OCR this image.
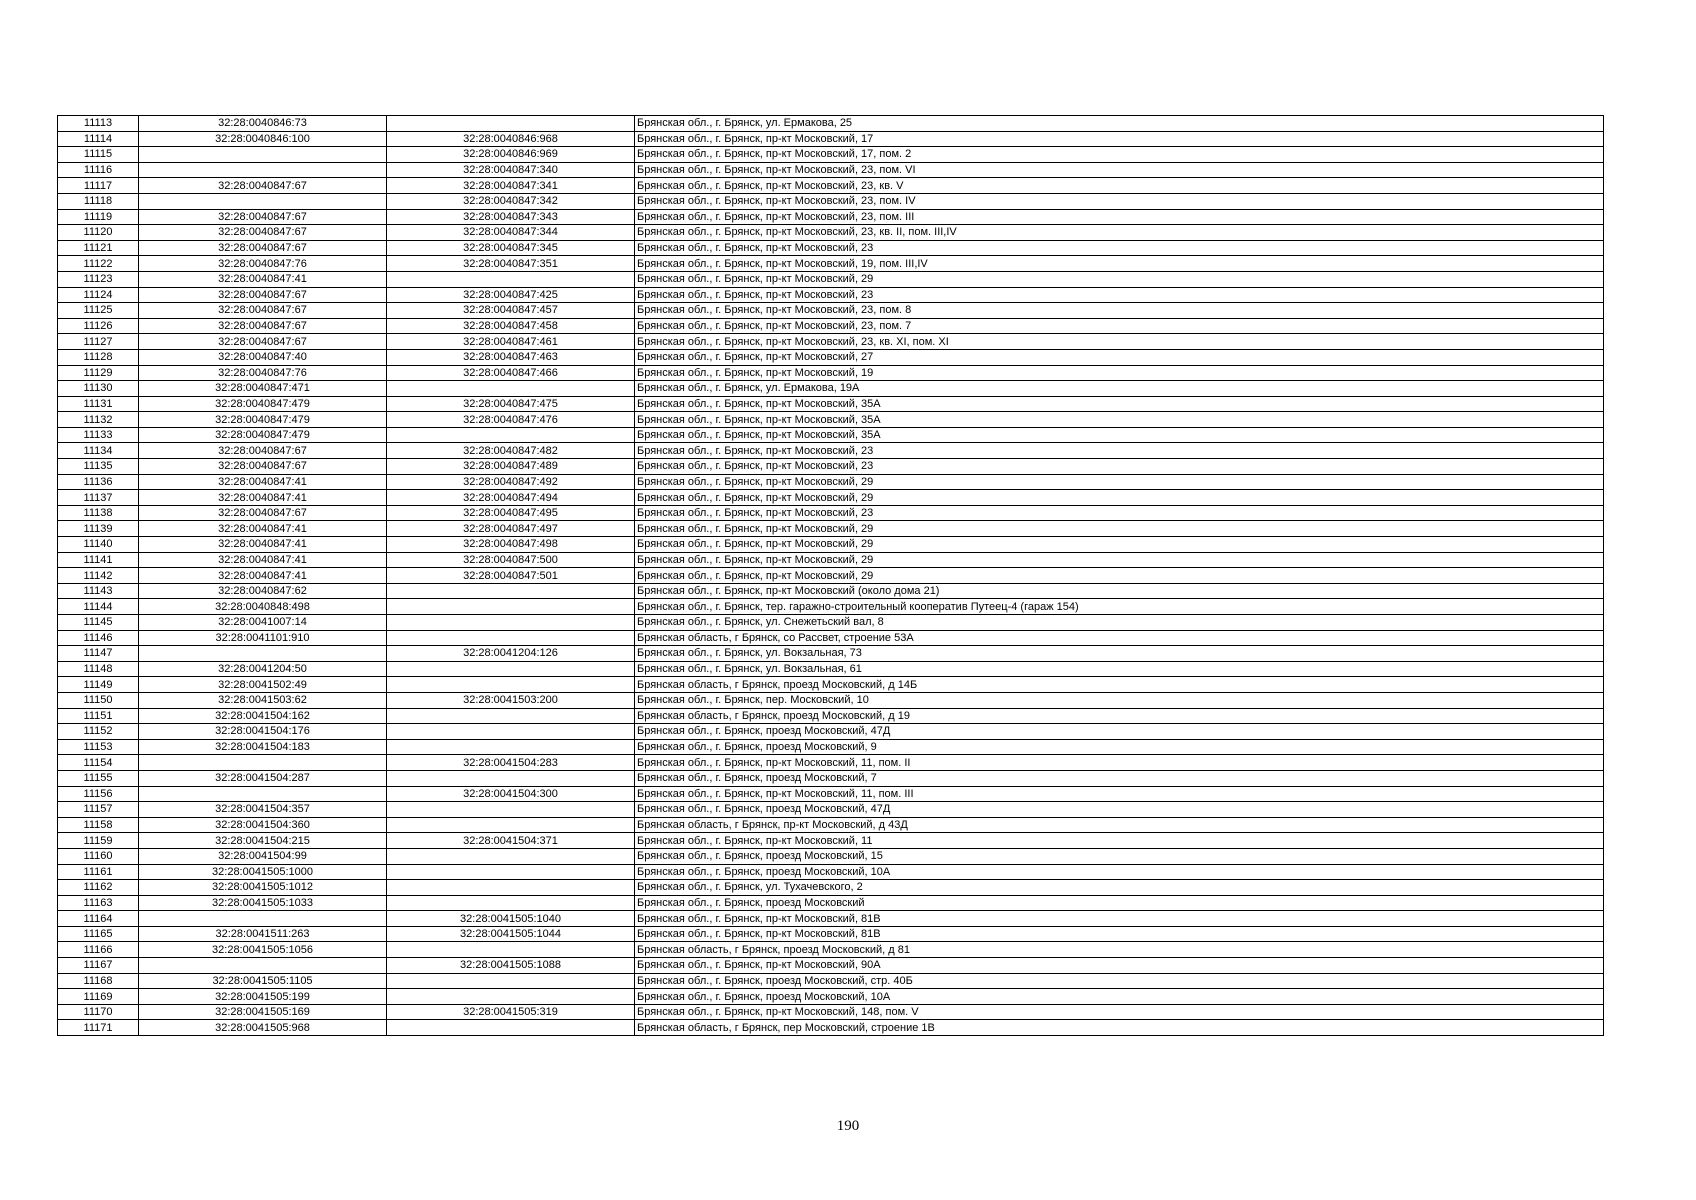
11113	32:28:0040846:73		Брянская обл., г. Брянск, ул. Ермакова, 25
11114	32:28:0040846:100	32:28:0040846:968	Брянская обл., г. Брянск, пр-кт Московский, 17
11115		32:28:0040846:969	Брянская обл., г. Брянск, пр-кт Московский, 17, пом. 2
11116		32:28:0040847:340	Брянская обл., г. Брянск, пр-кт Московский, 23, пом. VI
11117	32:28:0040847:67	32:28:0040847:341	Брянская обл., г. Брянск, пр-кт Московский, 23, кв. V
11118		32:28:0040847:342	Брянская обл., г. Брянск, пр-кт Московский, 23, пом. IV
11119	32:28:0040847:67	32:28:0040847:343	Брянская обл., г. Брянск, пр-кт Московский, 23, пом. III
11120	32:28:0040847:67	32:28:0040847:344	Брянская обл., г. Брянск, пр-кт Московский, 23, кв. II, пом. III,IV
11121	32:28:0040847:67	32:28:0040847:345	Брянская обл., г. Брянск, пр-кт Московский, 23
11122	32:28:0040847:76	32:28:0040847:351	Брянская обл., г. Брянск, пр-кт Московский, 19, пом. III,IV
11123	32:28:0040847:41		Брянская обл., г. Брянск, пр-кт Московский, 29
11124	32:28:0040847:67	32:28:0040847:425	Брянская обл., г. Брянск, пр-кт Московский, 23
11125	32:28:0040847:67	32:28:0040847:457	Брянская обл., г. Брянск, пр-кт Московский, 23, пом. 8
11126	32:28:0040847:67	32:28:0040847:458	Брянская обл., г. Брянск, пр-кт Московский, 23, пом. 7
11127	32:28:0040847:67	32:28:0040847:461	Брянская обл., г. Брянск, пр-кт Московский, 23, кв. XI, пом. XI
11128	32:28:0040847:40	32:28:0040847:463	Брянская обл., г. Брянск, пр-кт Московский, 27
11129	32:28:0040847:76	32:28:0040847:466	Брянская обл., г. Брянск, пр-кт Московский, 19
11130	32:28:0040847:471		Брянская обл., г. Брянск, ул. Ермакова, 19А
11131	32:28:0040847:479	32:28:0040847:475	Брянская обл., г. Брянск, пр-кт Московский, 35А
11132	32:28:0040847:479	32:28:0040847:476	Брянская обл., г. Брянск, пр-кт Московский, 35А
11133	32:28:0040847:479		Брянская обл., г. Брянск, пр-кт Московский, 35А
11134	32:28:0040847:67	32:28:0040847:482	Брянская обл., г. Брянск, пр-кт Московский, 23
11135	32:28:0040847:67	32:28:0040847:489	Брянская обл., г. Брянск, пр-кт Московский, 23
11136	32:28:0040847:41	32:28:0040847:492	Брянская обл., г. Брянск, пр-кт Московский, 29
11137	32:28:0040847:41	32:28:0040847:494	Брянская обл., г. Брянск, пр-кт Московский, 29
11138	32:28:0040847:67	32:28:0040847:495	Брянская обл., г. Брянск, пр-кт Московский, 23
11139	32:28:0040847:41	32:28:0040847:497	Брянская обл., г. Брянск, пр-кт Московский, 29
11140	32:28:0040847:41	32:28:0040847:498	Брянская обл., г. Брянск, пр-кт Московский, 29
11141	32:28:0040847:41	32:28:0040847:500	Брянская обл., г. Брянск, пр-кт Московский, 29
11142	32:28:0040847:41	32:28:0040847:501	Брянская обл., г. Брянск, пр-кт Московский, 29
11143	32:28:0040847:62		Брянская обл., г. Брянск, пр-кт Московский (около дома 21)
11144	32:28:0040848:498		Брянская обл., г. Брянск, тер. гаражно-строительный кооператив Путеец-4 (гараж 154)
11145	32:28:0041007:14		Брянская обл., г. Брянск, ул. Снежетьский вал, 8
11146	32:28:0041101:910		Брянская область, г Брянск, со Рассвет, строение 53А
11147		32:28:0041204:126	Брянская обл., г. Брянск, ул. Вокзальная, 73
11148	32:28:0041204:50		Брянская обл., г. Брянск, ул. Вокзальная, 61
11149	32:28:0041502:49		Брянская область, г Брянск, проезд Московский, д 14Б
11150	32:28:0041503:62	32:28:0041503:200	Брянская обл., г. Брянск, пер. Московский, 10
11151	32:28:0041504:162		Брянская область, г Брянск, проезд Московский, д 19
11152	32:28:0041504:176		Брянская обл., г. Брянск, проезд Московский, 47Д
11153	32:28:0041504:183		Брянская обл., г. Брянск, проезд Московский, 9
11154		32:28:0041504:283	Брянская обл., г. Брянск, пр-кт Московский, 11, пом. II
11155	32:28:0041504:287		Брянская обл., г. Брянск, проезд Московский, 7
11156		32:28:0041504:300	Брянская обл., г. Брянск, пр-кт Московский, 11, пом. III
11157	32:28:0041504:357		Брянская обл., г. Брянск, проезд Московский, 47Д
11158	32:28:0041504:360		Брянская область, г Брянск, пр-кт Московский, д 43Д
11159	32:28:0041504:215	32:28:0041504:371	Брянская обл., г. Брянск, пр-кт Московский, 11
11160	32:28:0041504:99		Брянская обл., г. Брянск, проезд Московский, 15
11161	32:28:0041505:1000		Брянская обл., г. Брянск, проезд Московский, 10А
11162	32:28:0041505:1012		Брянская обл., г. Брянск, ул. Тухачевского, 2
11163	32:28:0041505:1033		Брянская обл., г. Брянск, проезд Московский
11164		32:28:0041505:1040	Брянская обл., г. Брянск, пр-кт Московский, 81В
11165	32:28:0041511:263	32:28:0041505:1044	Брянская обл., г. Брянск, пр-кт Московский, 81В
11166	32:28:0041505:1056		Брянская область, г Брянск, проезд Московский, д 81
11167		32:28:0041505:1088	Брянская обл., г. Брянск, пр-кт Московский, 90А
11168	32:28:0041505:1105		Брянская обл., г. Брянск, проезд Московский, стр. 40Б
11169	32:28:0041505:199		Брянская обл., г. Брянск, проезд Московский, 10А
11170	32:28:0041505:169	32:28:0041505:319	Брянская обл., г. Брянск, пр-кт Московский, 148, пом. V
11171	32:28:0041505:968		Брянская область, г Брянск, пер Московский, строение 1В
190
